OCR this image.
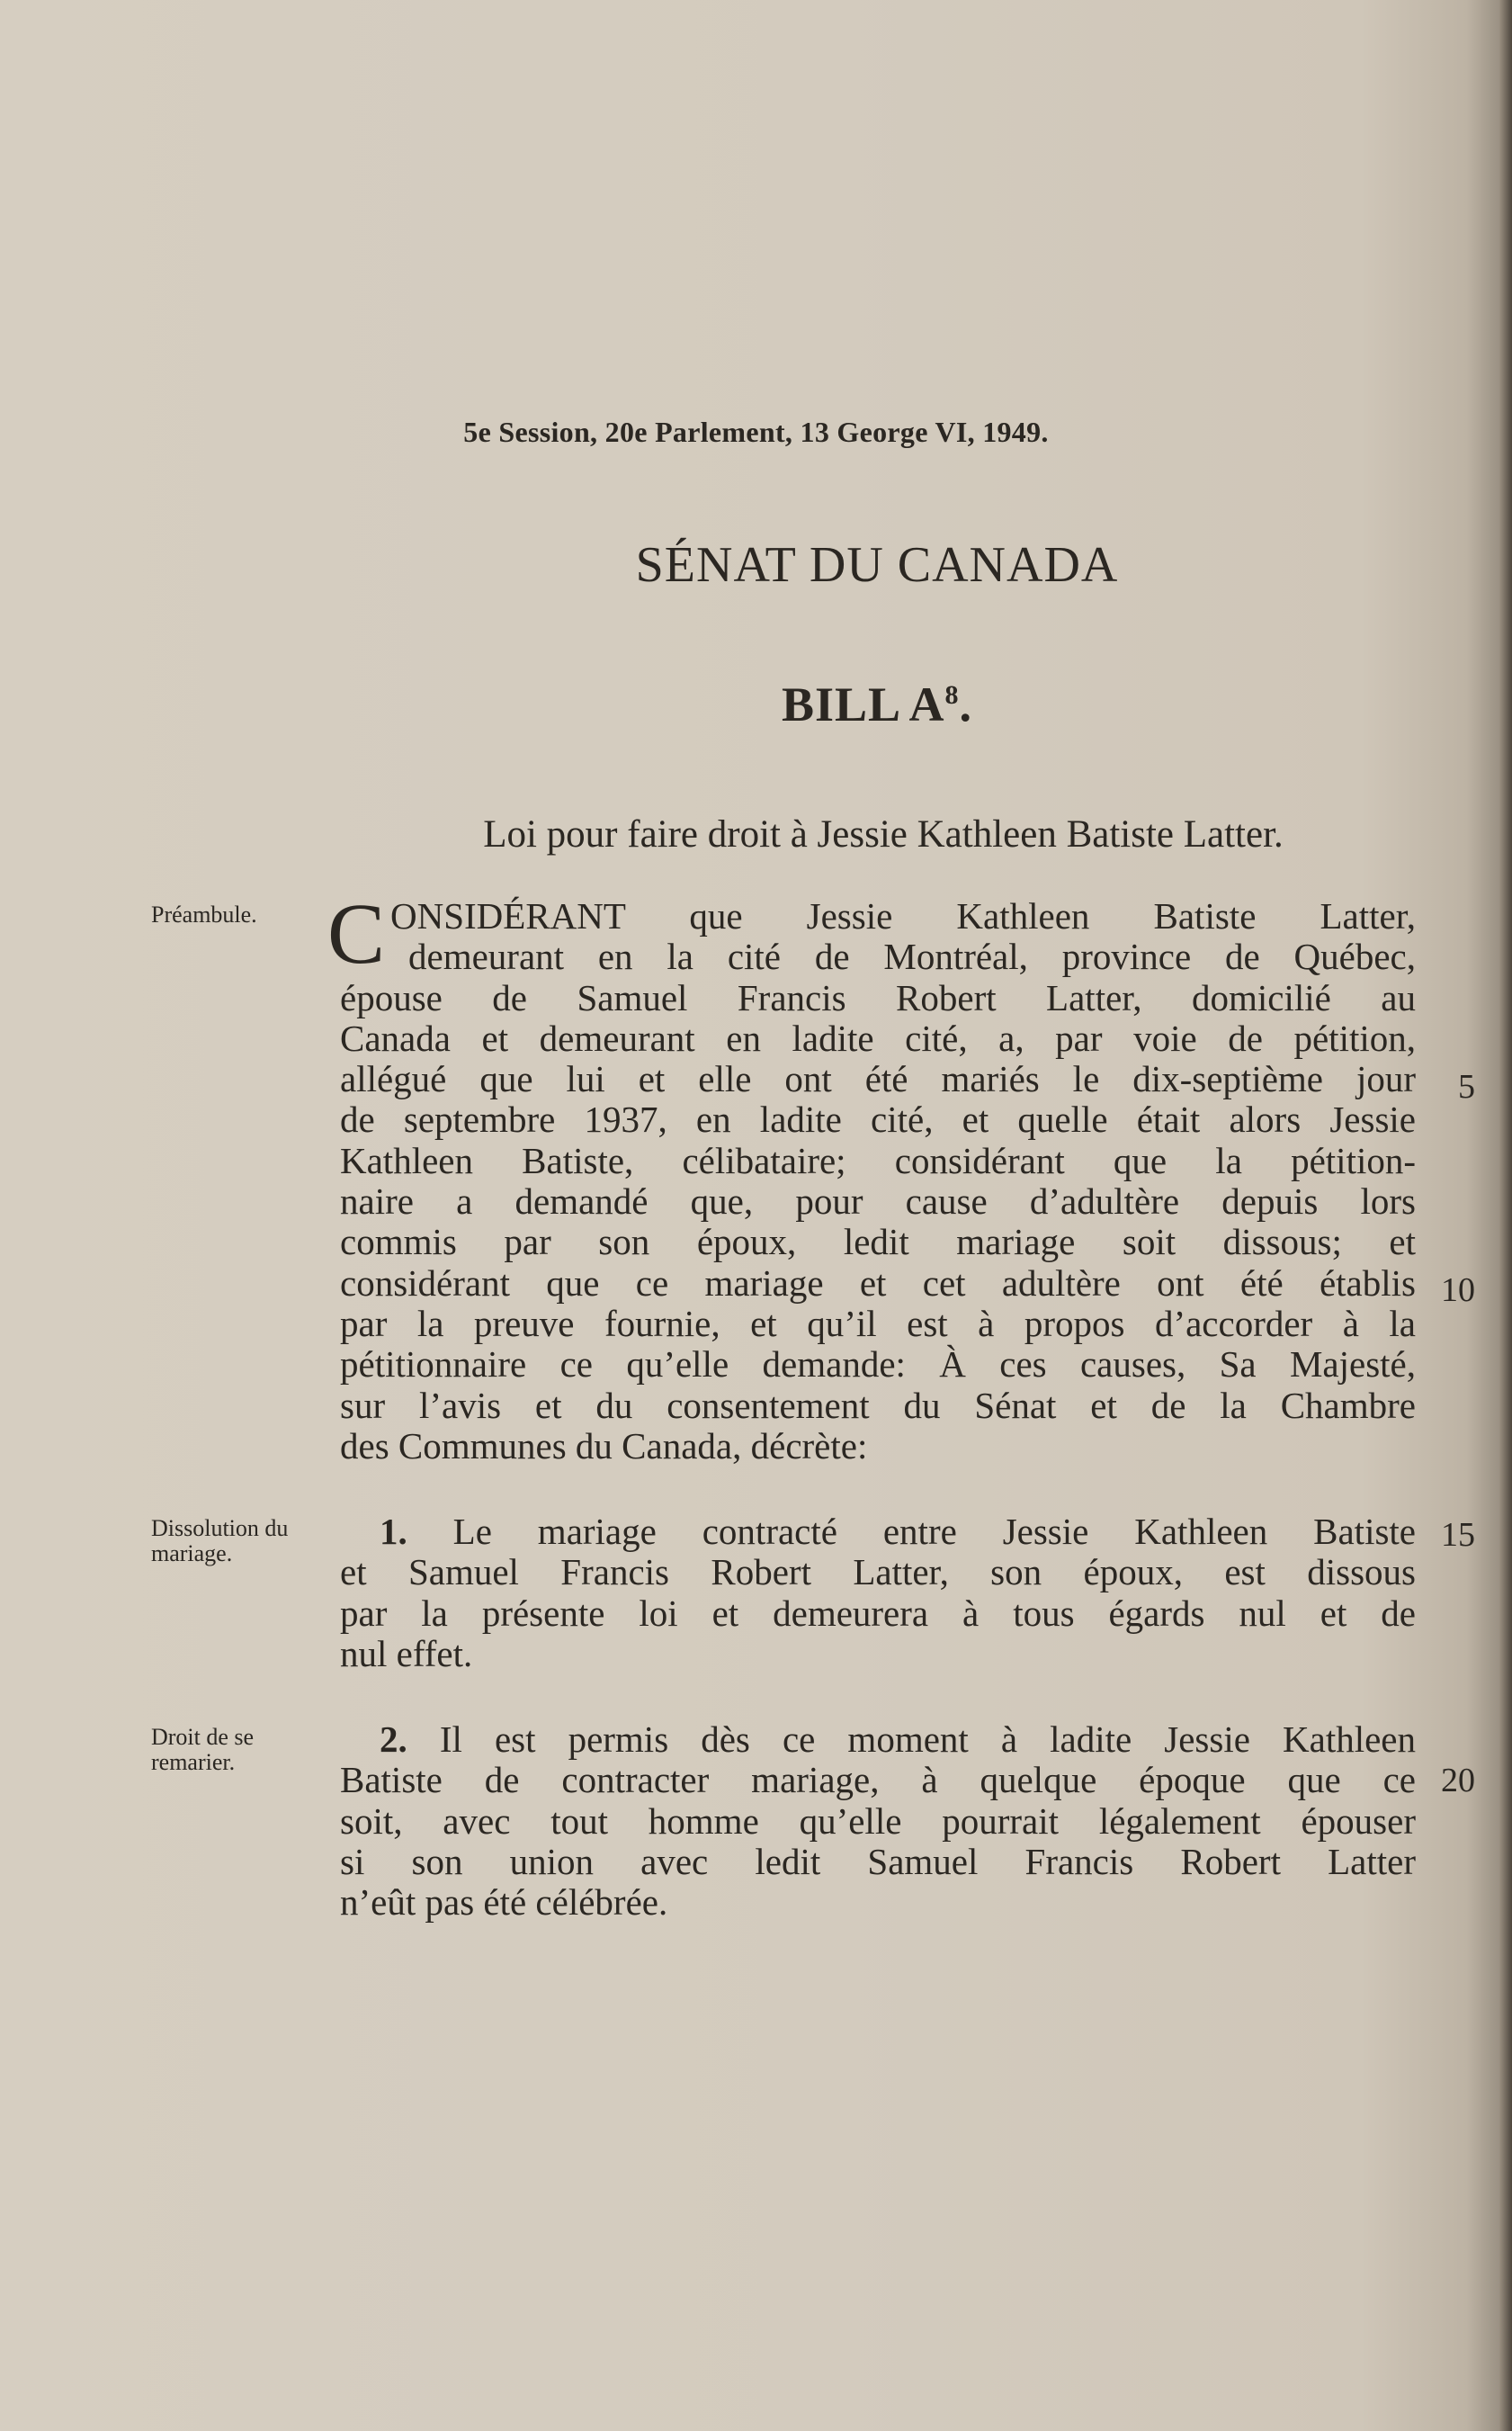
5e Session, 20e Parlement, 13 George VI, 1949.
SÉNAT DU CANADA
BILL $A^8$.
Loi pour faire droit à Jessie Kathleen Batiste Latter.
Préambule.
Dissolution du mariage.
Droit de se remarier.
C ONSIDÉRANT que Jessie Kathleen Batiste Latter,
demeurant en la cité de Montréal, province de Québec,
épouse de Samuel Francis Robert Latter, domicilié au
Canada et demeurant en ladite cité, a, par voie de pétition,
allégué que lui et elle ont été mariés le dix-septième jour
de septembre 1937, en ladite cité, et quelle était alors Jessie
Kathleen Batiste, célibataire; considérant que la pétition-
naire a demandé que, pour cause d’adultère depuis lors
commis par son époux, ledit mariage soit dissous; et
considérant que ce mariage et cet adultère ont été établis
par la preuve fournie, et qu’il est à propos d’accorder à la
pétitionnaire ce qu’elle demande: À ces causes, Sa Majesté,
sur l’avis et du consentement du Sénat et de la Chambre
des Communes du Canada, décrète:
1. Le mariage contracté entre Jessie Kathleen Batiste
et Samuel Francis Robert Latter, son époux, est dissous
par la présente loi et demeurera à tous égards nul et de
nul effet.
2. Il est permis dès ce moment à ladite Jessie Kathleen
Batiste de contracter mariage, à quelque époque que ce
soit, avec tout homme qu’elle pourrait légalement épouser
si son union avec ledit Samuel Francis Robert Latter
n’eût pas été célébrée.
5
10
15
20
